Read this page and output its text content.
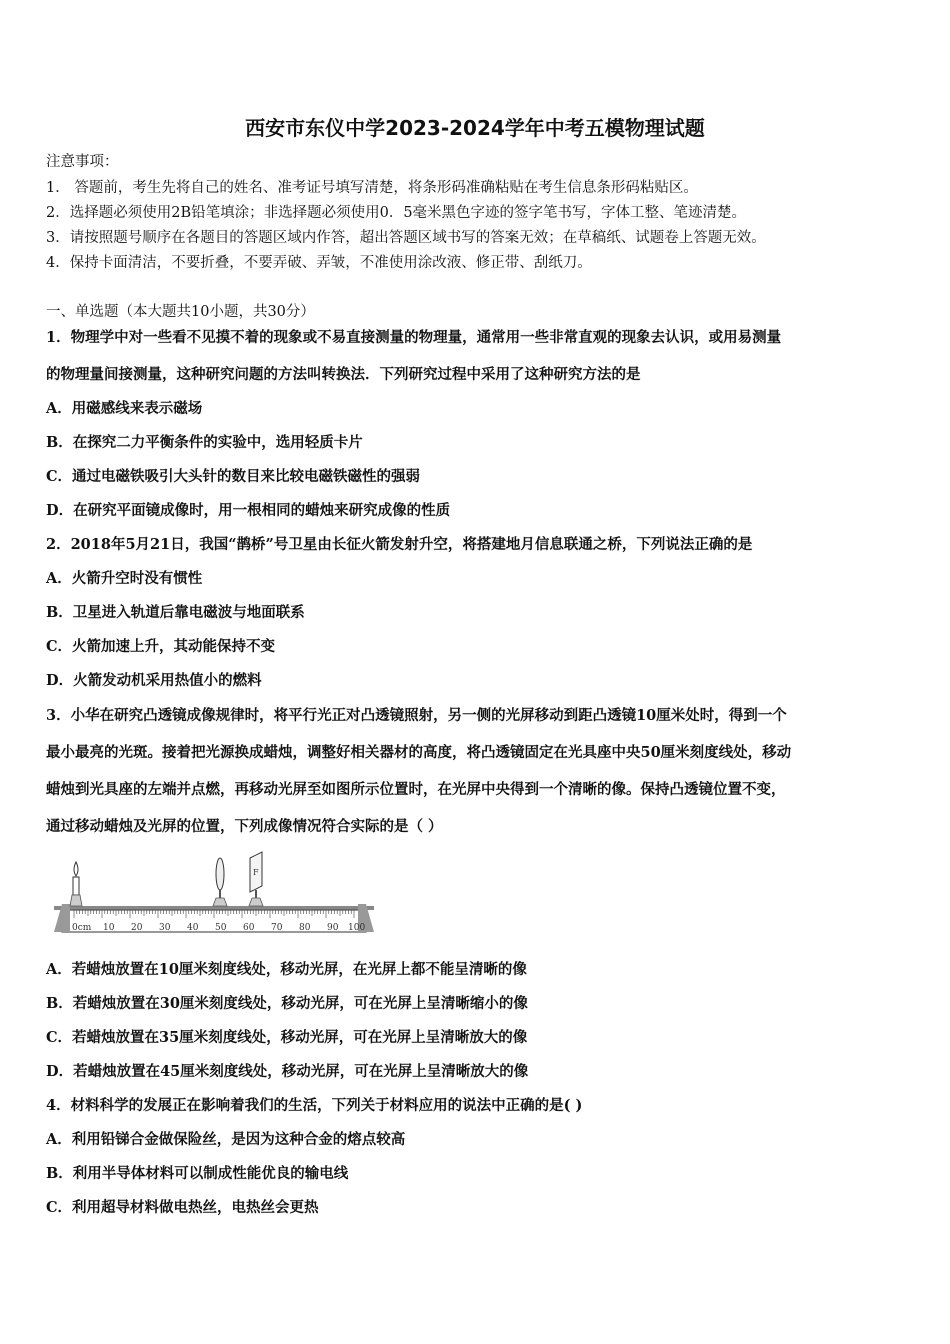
西安市东仪中学2023-2024学年中考五模物理试题
注意事项：
1． 答题前，考生先将自己的姓名、准考证号填写清楚，将条形码准确粘贴在考生信息条形码粘贴区。
2．选择题必须使用2B铅笔填涂；非选择题必须使用0．5毫米黑色字迹的签字笔书写，字体工整、笔迹清楚。
3．请按照题号顺序在各题目的答题区域内作答，超出答题区域书写的答案无效；在草稿纸、试题卷上答题无效。
4．保持卡面清洁，不要折叠，不要弄破、弄皱，不准使用涂改液、修正带、刮纸刀。
一、单选题（本大题共10小题，共30分）
1．物理学中对一些看不见摸不着的现象或不易直接测量的物理量，通常用一些非常直观的现象去认识，或用易测量
的物理量间接测量，这种研究问题的方法叫转换法．下列研究过程中采用了这种研究方法的是
A．用磁感线来表示磁场
B．在探究二力平衡条件的实验中，选用轻质卡片
C．通过电磁铁吸引大头针的数目来比较电磁铁磁性的强弱
D．在研究平面镜成像时，用一根相同的蜡烛来研究成像的性质
2．2018年5月21日，我国“鹊桥”号卫星由长征火箭发射升空，将搭建地月信息联通之桥，下列说法正确的是
A．火箭升空时没有惯性
B．卫星进入轨道后靠电磁波与地面联系
C．火箭加速上升，其动能保持不变
D．火箭发动机采用热值小的燃料
3．小华在研究凸透镜成像规律时，将平行光正对凸透镜照射，另一侧的光屏移动到距凸透镜10厘米处时，得到一个
最小最亮的光斑。接着把光源换成蜡烛，调整好相关器材的高度，将凸透镜固定在光具座中央50厘米刻度线处，移动
蜡烛到光具座的左端并点燃，再移动光屏至如图所示位置时，在光屏中央得到一个清晰的像。保持凸透镜位置不变，
通过移动蜡烛及光屏的位置，下列成像情况符合实际的是（ ）
0cm 10 20 30 40 50 60 70 80 90 100
F
A．若蜡烛放置在10厘米刻度线处，移动光屏，在光屏上都不能呈清晰的像
B．若蜡烛放置在30厘米刻度线处，移动光屏，可在光屏上呈清晰缩小的像
C．若蜡烛放置在35厘米刻度线处，移动光屏，可在光屏上呈清晰放大的像
D．若蜡烛放置在45厘米刻度线处，移动光屏，可在光屏上呈清晰放大的像
4．材料科学的发展正在影响着我们的生活，下列关于材料应用的说法中正确的是( )
A．利用铅锑合金做保险丝，是因为这种合金的熔点较高
B．利用半导体材料可以制成性能优良的输电线
C．利用超导材料做电热丝，电热丝会更热
